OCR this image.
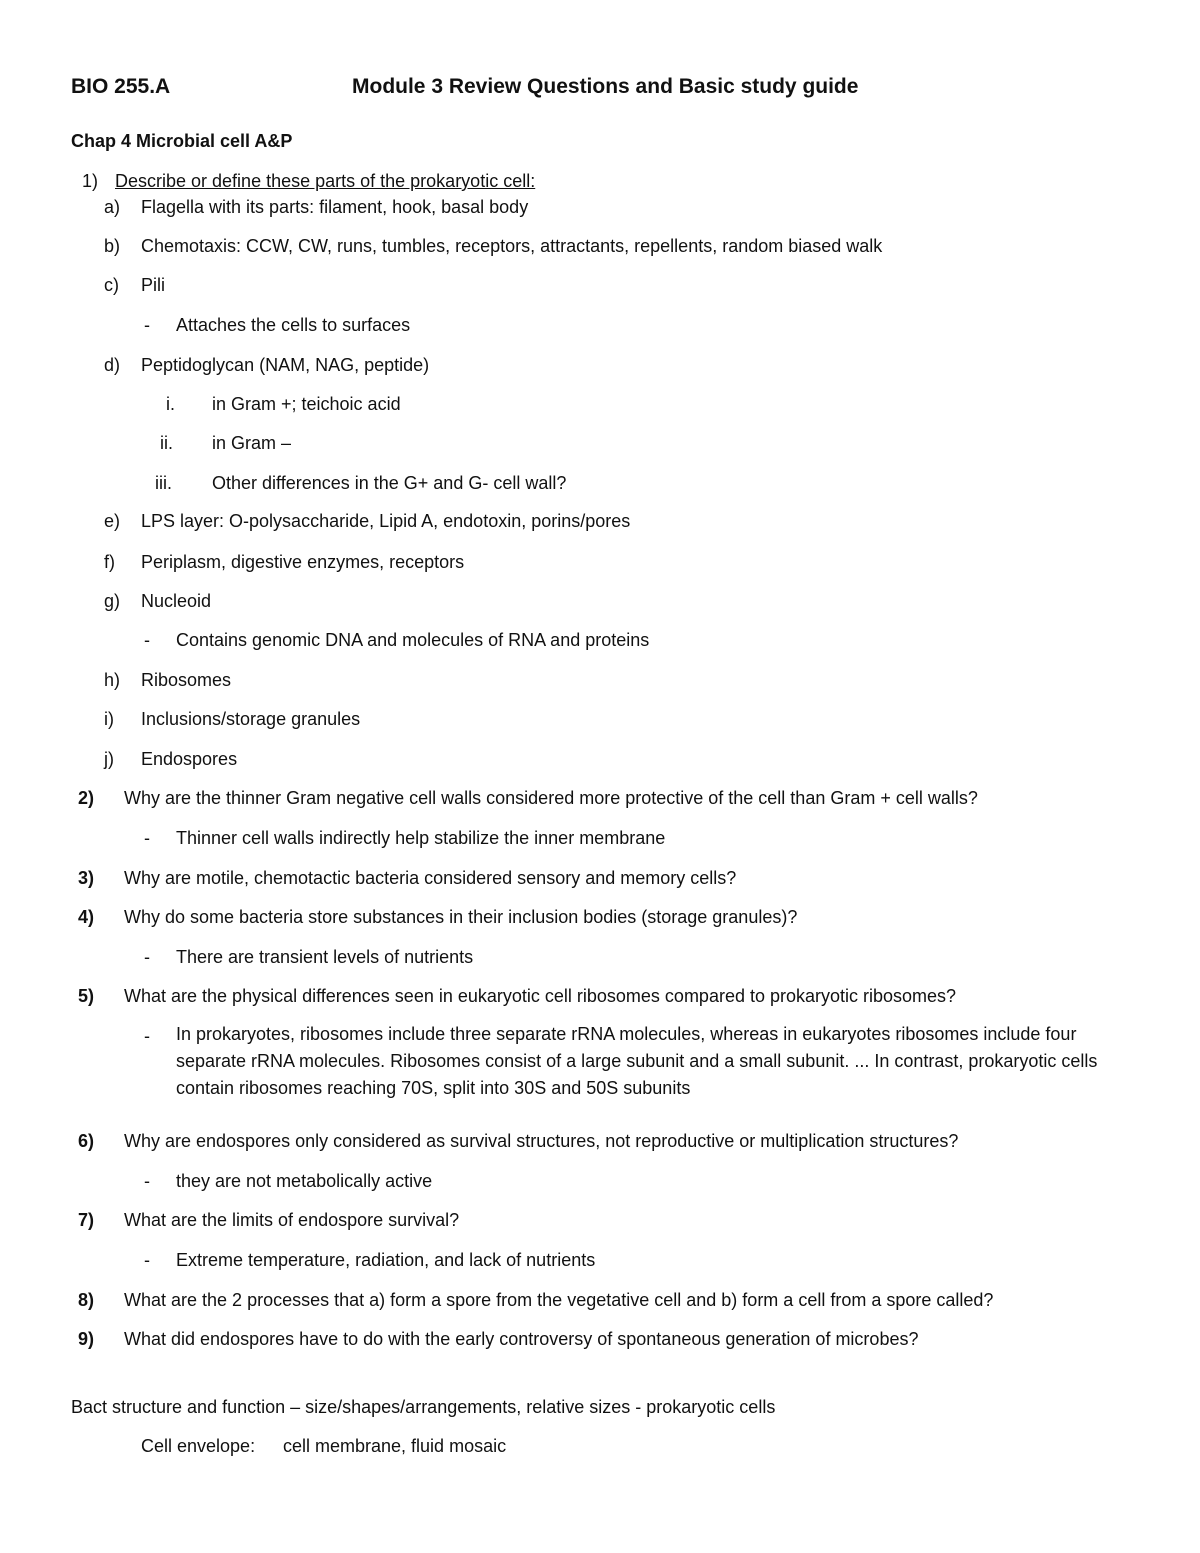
BIO 255.A	Module 3 Review Questions and Basic study guide
Chap 4 Microbial cell A&P
1) Describe or define these parts of the prokaryotic cell:
a) Flagella with its parts: filament, hook, basal body
b) Chemotaxis: CCW, CW, runs, tumbles, receptors, attractants, repellents, random biased walk
c) Pili
- Attaches the cells to surfaces
d) Peptidoglycan (NAM, NAG, peptide)
i. in Gram +; teichoic acid
ii. in Gram –
iii. Other differences in the G+ and G- cell wall?
e) LPS layer: O-polysaccharide, Lipid A, endotoxin, porins/pores
f) Periplasm, digestive enzymes, receptors
g) Nucleoid
- Contains genomic DNA and molecules of RNA and proteins
h) Ribosomes
i) Inclusions/storage granules
j) Endospores
2) Why are the thinner Gram negative cell walls considered more protective of the cell than Gram + cell walls?
- Thinner cell walls indirectly help stabilize the inner membrane
3) Why are motile, chemotactic bacteria considered sensory and memory cells?
4) Why do some bacteria store substances in their inclusion bodies (storage granules)?
- There are transient levels of nutrients
5) What are the physical differences seen in eukaryotic cell ribosomes compared to prokaryotic ribosomes?
- In prokaryotes, ribosomes include three separate rRNA molecules, whereas in eukaryotes ribosomes include four separate rRNA molecules. Ribosomes consist of a large subunit and a small subunit. ... In contrast, prokaryotic cells contain ribosomes reaching 70S, split into 30S and 50S subunits
6) Why are endospores only considered as survival structures, not reproductive or multiplication structures?
- they are not metabolically active
7) What are the limits of endospore survival?
- Extreme temperature, radiation, and lack of nutrients
8) What are the 2 processes that a) form a spore from the vegetative cell and b) form a cell from a spore called?
9) What did endospores have to do with the early controversy of spontaneous generation of microbes?
Bact structure and function – size/shapes/arrangements, relative sizes - prokaryotic cells
Cell envelope: cell membrane, fluid mosaic
